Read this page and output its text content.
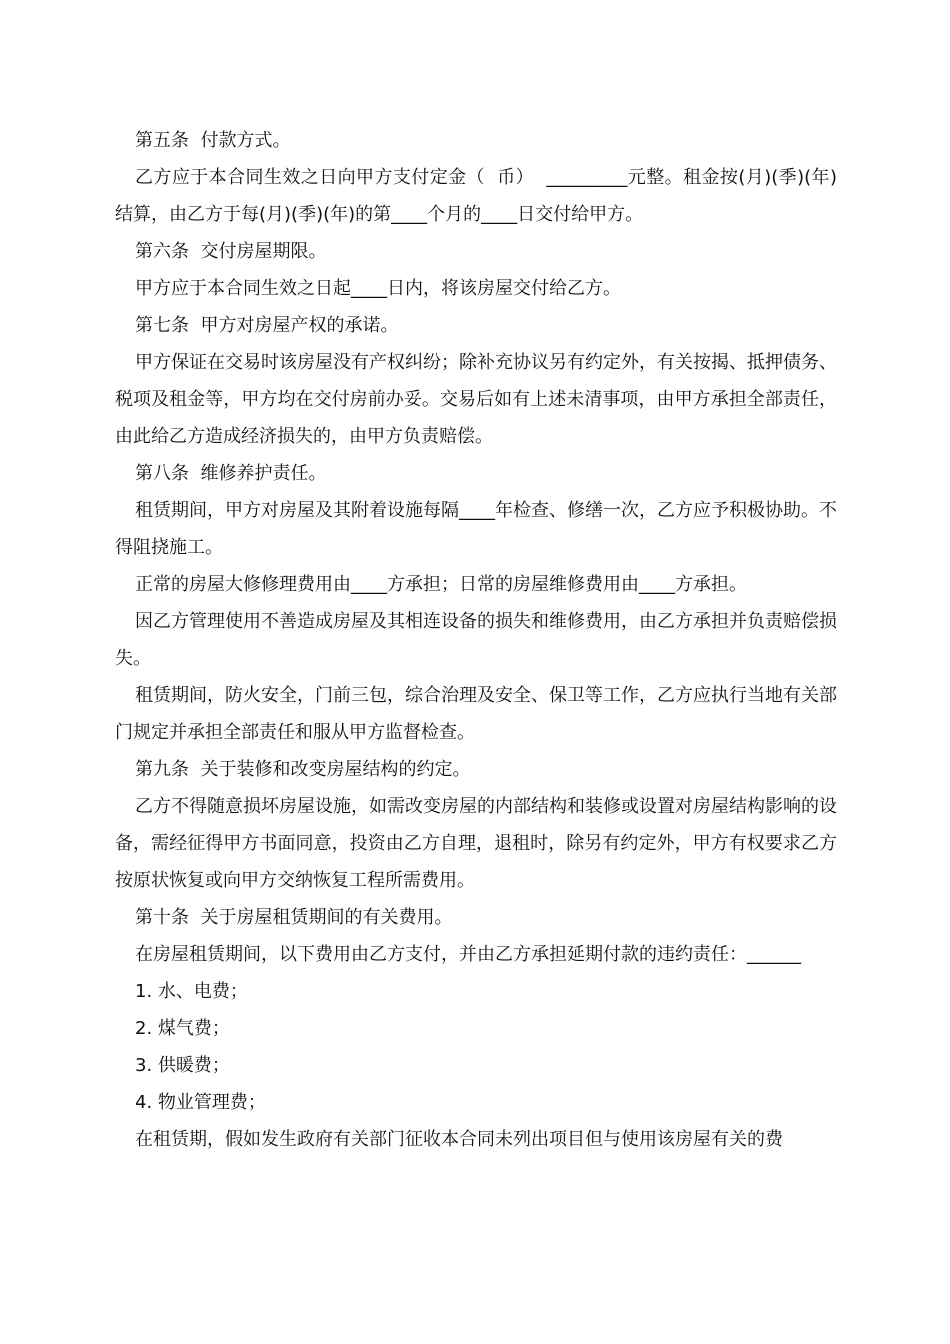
第五条  付款方式。

乙方应于本合同生效之日向甲方支付定金（  币）  _________元整。租金按(月)(季)(年)结算，由乙方于每(月)(季)(年)的第____个月的____日交付给甲方。

第六条  交付房屋期限。

甲方应于本合同生效之日起____日内，将该房屋交付给乙方。

第七条  甲方对房屋产权的承诺。

甲方保证在交易时该房屋没有产权纠纷；除补充协议另有约定外，有关按揭、抵押债务、税项及租金等，甲方均在交付房前办妥。交易后如有上述未清事项，由甲方承担全部责任，由此给乙方造成经济损失的，由甲方负责赔偿。

第八条  维修养护责任。

租赁期间，甲方对房屋及其附着设施每隔____年检查、修缮一次，乙方应予积极协助。不得阻挠施工。

正常的房屋大修修理费用由____方承担；日常的房屋维修费用由____方承担。

因乙方管理使用不善造成房屋及其相连设备的损失和维修费用，由乙方承担并负责赔偿损失。

租赁期间，防火安全，门前三包，综合治理及安全、保卫等工作，乙方应执行当地有关部门规定并承担全部责任和服从甲方监督检查。

第九条  关于装修和改变房屋结构的约定。

乙方不得随意损坏房屋设施，如需改变房屋的内部结构和装修或设置对房屋结构影响的设备，需经征得甲方书面同意，投资由乙方自理，退租时，除另有约定外，甲方有权要求乙方按原状恢复或向甲方交纳恢复工程所需费用。

第十条  关于房屋租赁期间的有关费用。

在房屋租赁期间，以下费用由乙方支付，并由乙方承担延期付款的违约责任：______

1. 水、电费；

2. 煤气费；

3. 供暖费；

4. 物业管理费；

在租赁期，假如发生政府有关部门征收本合同未列出项目但与使用该房屋有关的费
